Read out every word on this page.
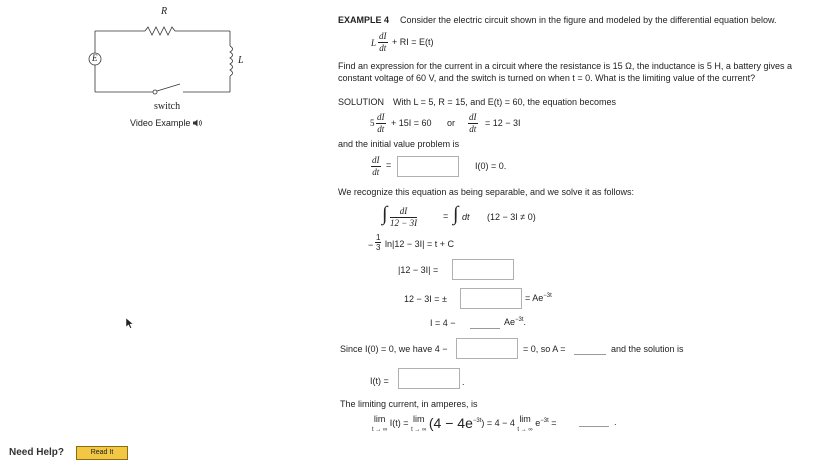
R
L
E
switch
Video Example
EXAMPLE 4 Consider the electric circuit shown in the figure and modeled by the differential equation below.
L $\frac{dI}{dt}$ + RI = E(t)
Find an expression for the current in a circuit where the resistance is 15 Ω, the inductance is 5 H, a battery gives a
constant voltage of 60 V, and the switch is turned on when t = 0. What is the limiting value of the current?
SOLUTION With L = 5, R = 15, and E(t) = 60, the equation becomes
$5 \frac{dI}{dt} + 15I = 60$ or $\frac{dI}{dt} = 12 - 3I$
and the initial value problem is
$\frac{dI}{dt}$ =	I(0) = 0.
We recognize this equation as being separable, and we solve it as follows:
∫ $\frac{dI}{12 - 3I}$	= ∫ dt (12 − 3I ≠ 0)
− $\frac{1}{3} \ln|12 - 3I| = t + C$
|12 − 3I| =
12 − 3I = ±	= $Ae^{-3t}$
I = 4 −	$Ae^{-3t}$.
Since I(0) = 0, we have 4 −	= 0, so A =	and the solution is
I(t) =	.
The limiting current, in amperes, is
lim
t → ∞ I(t) = lim
t → ∞ $(4 - 4e^{-3t}) = 4 - 4$ lim
t → ∞ $e^{-3t}$ =	.
Need Help?	Read It
